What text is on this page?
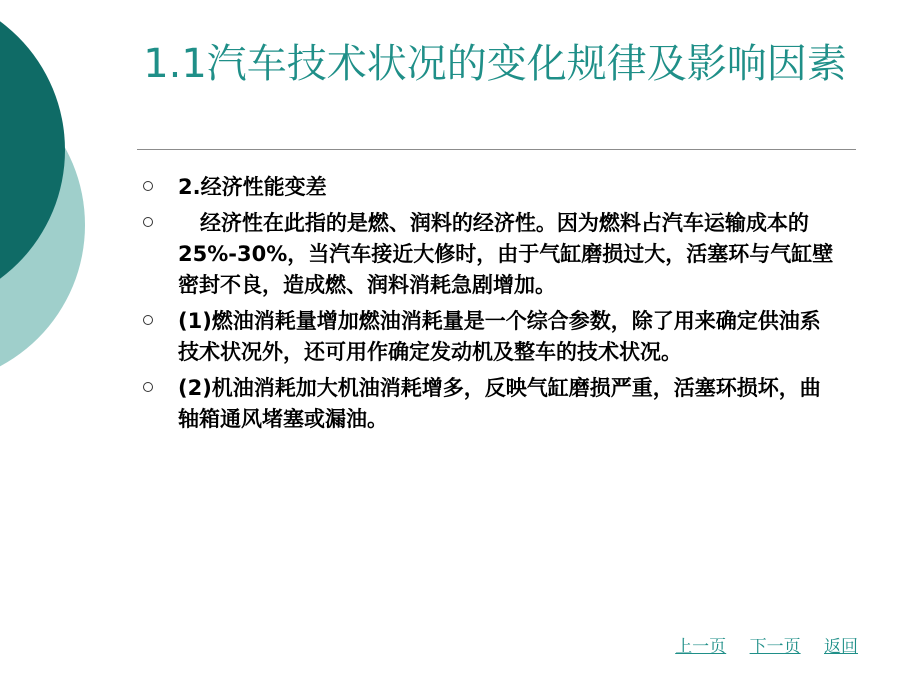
1.1汽车技术状况的变化规律及影响因素
2.经济性能变差
经济性在此指的是燃、润料的经济性。因为燃料占汽车运输成本的25%-30%，当汽车接近大修时，由于气缸磨损过大，活塞环与气缸壁密封不良，造成燃、润料消耗急剧增加。
(1)燃油消耗量增加燃油消耗量是一个综合参数，除了用来确定供油系技术状况外，还可用作确定发动机及整车的技术状况。
(2)机油消耗加大机油消耗增多，反映气缸磨损严重，活塞环损坏，曲轴箱通风堵塞或漏油。
上一页 下一页 返回
